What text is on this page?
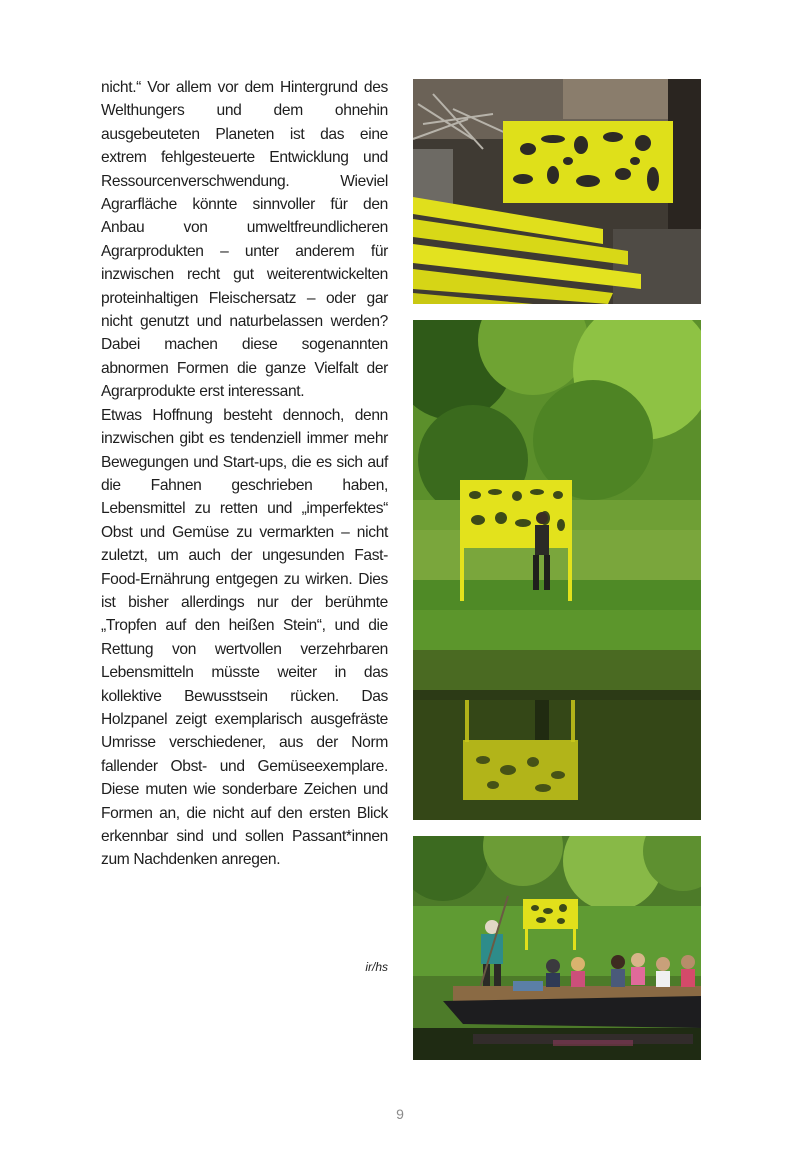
nicht.“ Vor allem vor dem Hintergrund des Welthungers und dem ohnehin ausgebeuteten Planeten ist das eine extrem fehlgesteuerte Entwicklung und Ressourcenverschwendung. Wieviel Agrarfläche könnte sinnvoller für den Anbau von umweltfreundlicheren Agrarprodukten – unter anderem für inzwischen recht gut weiterentwickelten proteinhaltigen Fleischersatz – oder gar nicht genutzt und naturbelassen werden? Dabei machen diese sogenannten abnormen Formen die ganze Vielfalt der Agrarprodukte erst interessant.

Etwas Hoffnung besteht dennoch, denn inzwischen gibt es tendenziell immer mehr Bewegungen und Start-ups, die es sich auf die Fahnen geschrieben haben, Lebensmittel zu retten und „imperfektes“ Obst und Gemüse zu vermarkten – nicht zuletzt, um auch der ungesunden Fast-Food-Ernährung entgegen zu wirken. Dies ist bisher allerdings nur der berühmte „Tropfen auf den heißen Stein“, und die Rettung von wertvollen verzehrbaren Lebensmitteln müsste weiter in das kollektive Bewusstsein rücken. Das Holzpanel zeigt exemplarisch ausgefräste Umrisse verschiedener, aus der Norm fallender Obst- und Gemüseexemplare. Diese muten wie sonderbare Zeichen und Formen an, die nicht auf den ersten Blick erkennbar sind und sollen Passant*innen zum Nachdenken anregen.

ir/hs
9
